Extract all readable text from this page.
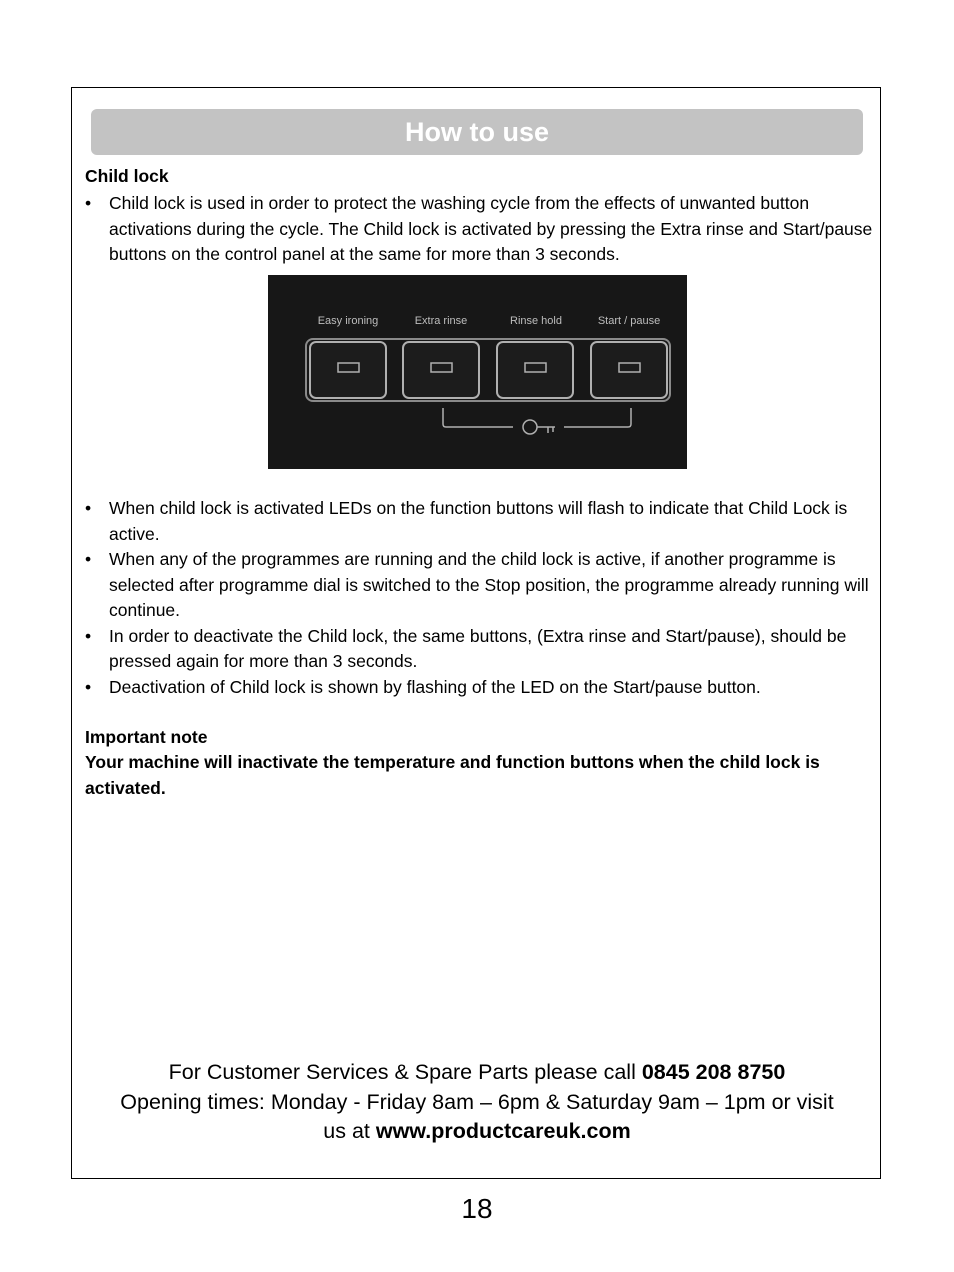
How to use
Child lock
• Child lock is used in order to protect the washing cycle from the effects of unwanted button activations during the cycle. The Child lock is activated by pressing the Extra rinse and Start/pause buttons on the control panel at the same for more than 3 seconds.
Easy ironing	Extra rinse	Rinse hold	Start / pause
• When child lock is activated LEDs on the function buttons will flash to indicate that Child Lock is active.
• When any of the programmes are running and the child lock is active, if another programme is selected after programme dial is switched to the Stop position, the programme already running will continue.
• In order to deactivate the Child lock, the same buttons, (Extra rinse and Start/pause), should be pressed again for more than 3 seconds.
• Deactivation of Child lock is shown by flashing of the LED on the Start/pause button.
Important note
Your machine will inactivate the temperature and function buttons when the child lock is activated.
For Customer Services & Spare Parts please call 0845 208 8750
Opening times: Monday - Friday 8am – 6pm & Saturday 9am – 1pm or visit
us at www.productcareuk.com
18
